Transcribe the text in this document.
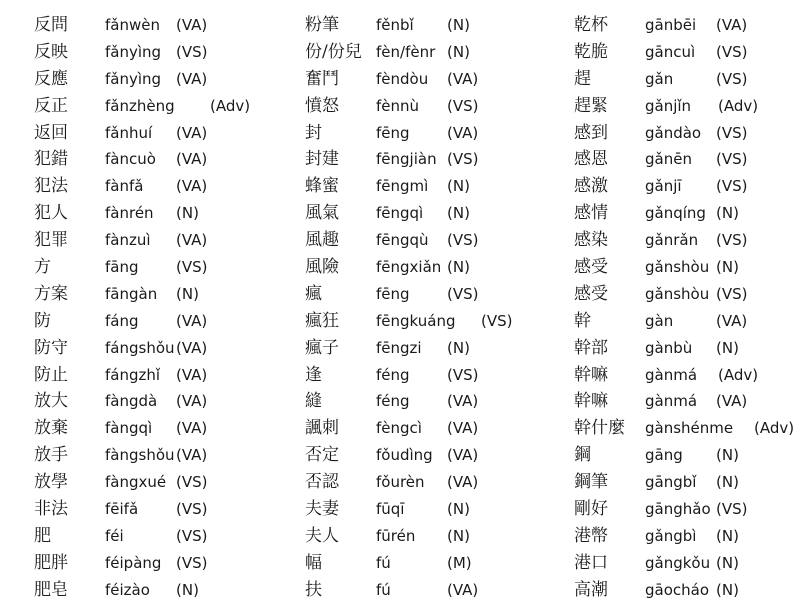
反問 fǎnwèn (VA)
反映 fǎnyìng (VS)
反應 fǎnyìng (VA)
反正 fǎnzhèng (Adv)
返回 fǎnhuí (VA)
犯錯 fàncuò (VA)
犯法 fànfǎ (VA)
犯人 fànrén (N)
犯罪 fànzuì (VA)
方	fāng (VS)
方案 fāngàn (N)
防	fáng (VA)
防守 fángshǒu (VA)
防止 fángzhǐ (VA)
放大 fàngdà (VA)
放棄 fàngqì (VA)
放手 fàngshǒu (VA)
放學 fàngxué (VS)
非法 fēifǎ	(VS)
肥	féi	(VS)
肥胖 féipàng (VS)
肥皂 féizào (N)
粉筆 fěnbǐ (N)
份/份兒 fèn/fènr (N)
奮鬥 fèndòu (VA)
憤怒 fènnù (VS)
封	fēng (VA)
封建 fēngjiàn (VS)
蜂蜜 fēngmì (N)
風氣 fēngqì (N)
風趣 fēngqù (VS)
風險 fēngxiǎn (N)
瘋	fēng (VS)
瘋狂 fēngkuáng (VS)
瘋子 fēngzi (N)
逢	féng (VS)
縫	féng (VA)
諷刺 fèngcì (VA)
否定 fǒudìng (VA)
否認 fǒurèn (VA)
夫妻 fūqī	(N)
夫人 fūrén (N)
幅	fú	(M)
扶	fú	(VA)
乾杯 gānbēi (VA)
乾脆 gāncuì (VS)
趕	gǎn	(VS)
趕緊 gǎnjǐn (Adv)
感到 gǎndào (VS)
感恩 gǎnēn (VS)
感激 gǎnjī (VS)
感情 gǎnqíng (N)
感染 gǎnrǎn (VS)
感受 gǎnshòu (N)
感受 gǎnshòu (VS)
幹	gàn	(VA)
幹部 gànbù (N)
幹嘛 gànmá (Adv)
幹嘛 gànmá (VA)
幹什麼 gànshénme (Adv)
鋼	gāng (N)
鋼筆 gāngbǐ (N)
剛好 gānghǎo (VS)
港幣 gǎngbì (N)
港口 gǎngkǒu (N)
高潮 gāocháo (N)
